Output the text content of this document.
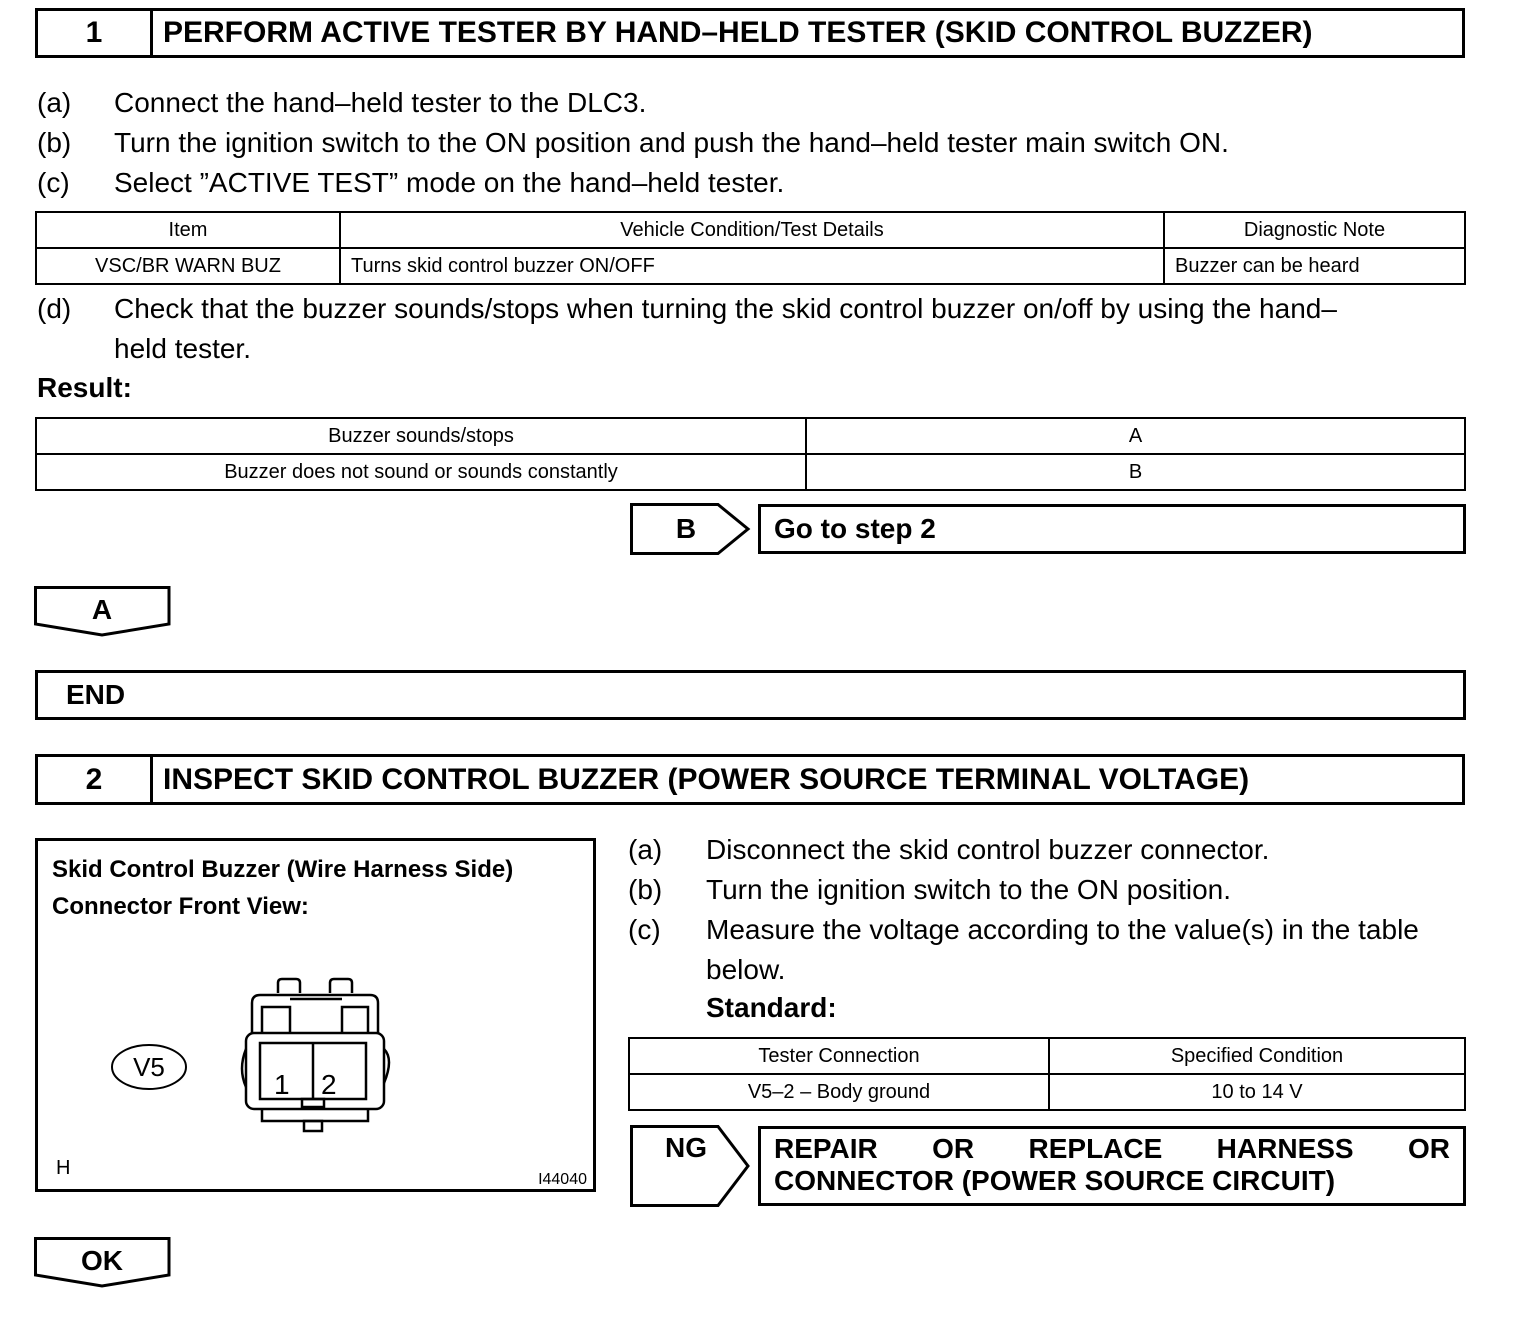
1	PERFORM ACTIVE TESTER BY HAND–HELD TESTER (SKID CONTROL BUZZER)
(a) Connect the hand–held tester to the DLC3.
(b) Turn the ignition switch to the ON position and push the hand–held tester main switch ON.
(c) Select ”ACTIVE TEST” mode on the hand–held tester.
Item	Vehicle Condition/Test Details	Diagnostic Note
VSC/BR WARN BUZ	Turns skid control buzzer ON/OFF	Buzzer can be heard
(d) Check that the buzzer sounds/stops when turning the skid control buzzer on/off by using the hand–
held tester.
Result:
Buzzer sounds/stops	A
Buzzer does not sound or sounds constantly	B
B	Go to step 2
A
END
2	INSPECT SKID CONTROL BUZZER (POWER SOURCE TERMINAL VOLTAGE)
Skid Control Buzzer (Wire Harness Side)
Connector Front View:
V5
1 2
H
I44040
(a) Disconnect the skid control buzzer connector.
(b) Turn the ignition switch to the ON position.
(c) Measure the voltage according to the value(s) in the table
below.
Standard:
Tester Connection	Specified Condition
V5–2 – Body ground	10 to 14 V
NG	REPAIR OR REPLACE HARNESS OR
CONNECTOR (POWER SOURCE CIRCUIT)
OK
